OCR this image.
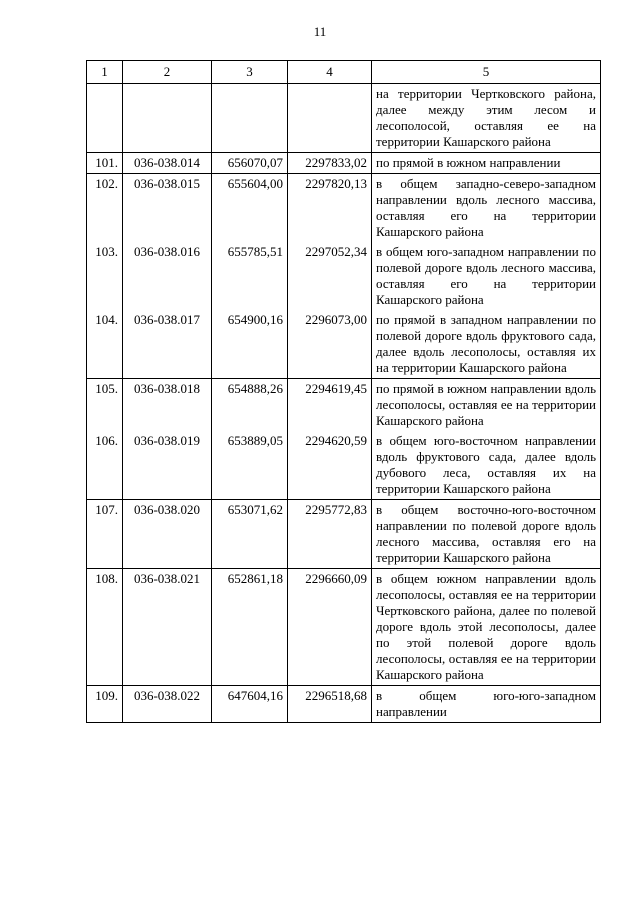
11
1	2	3	4	5
				на территории Чертковского района, далее между этим лесом и лесополосой, оставляя ее на территории Кашарского района
101.	036-038.014	656070,07	2297833,02	по прямой в южном направлении
102.	036-038.015	655604,00	2297820,13	в общем западно-северо-западном направлении вдоль лесного массива, оставляя его на территории Кашарского района
103.	036-038.016	655785,51	2297052,34	в общем юго-западном направлении по полевой дороге вдоль лесного массива, оставляя его на территории Кашарского района
104.	036-038.017	654900,16	2296073,00	по прямой в западном направлении по полевой дороге вдоль фруктового сада, далее вдоль лесополосы, оставляя их на территории Кашарского района
105.	036-038.018	654888,26	2294619,45	по прямой в южном направлении вдоль лесополосы, оставляя ее на территории Кашарского района
106.	036-038.019	653889,05	2294620,59	в общем юго-восточном направлении вдоль фруктового сада, далее вдоль дубового леса, оставляя их на территории Кашарского района
107.	036-038.020	653071,62	2295772,83	в общем восточно-юго-восточном направлении по полевой дороге вдоль лесного массива, оставляя его на территории Кашарского района
108.	036-038.021	652861,18	2296660,09	в общем южном направлении вдоль лесополосы, оставляя ее на территории Чертковского района, далее по полевой дороге вдоль этой лесополосы, далее по этой полевой дороге вдоль лесополосы, оставляя ее на территории Кашарского района
109.	036-038.022	647604,16	2296518,68	в общем юго-юго-западном направлении
